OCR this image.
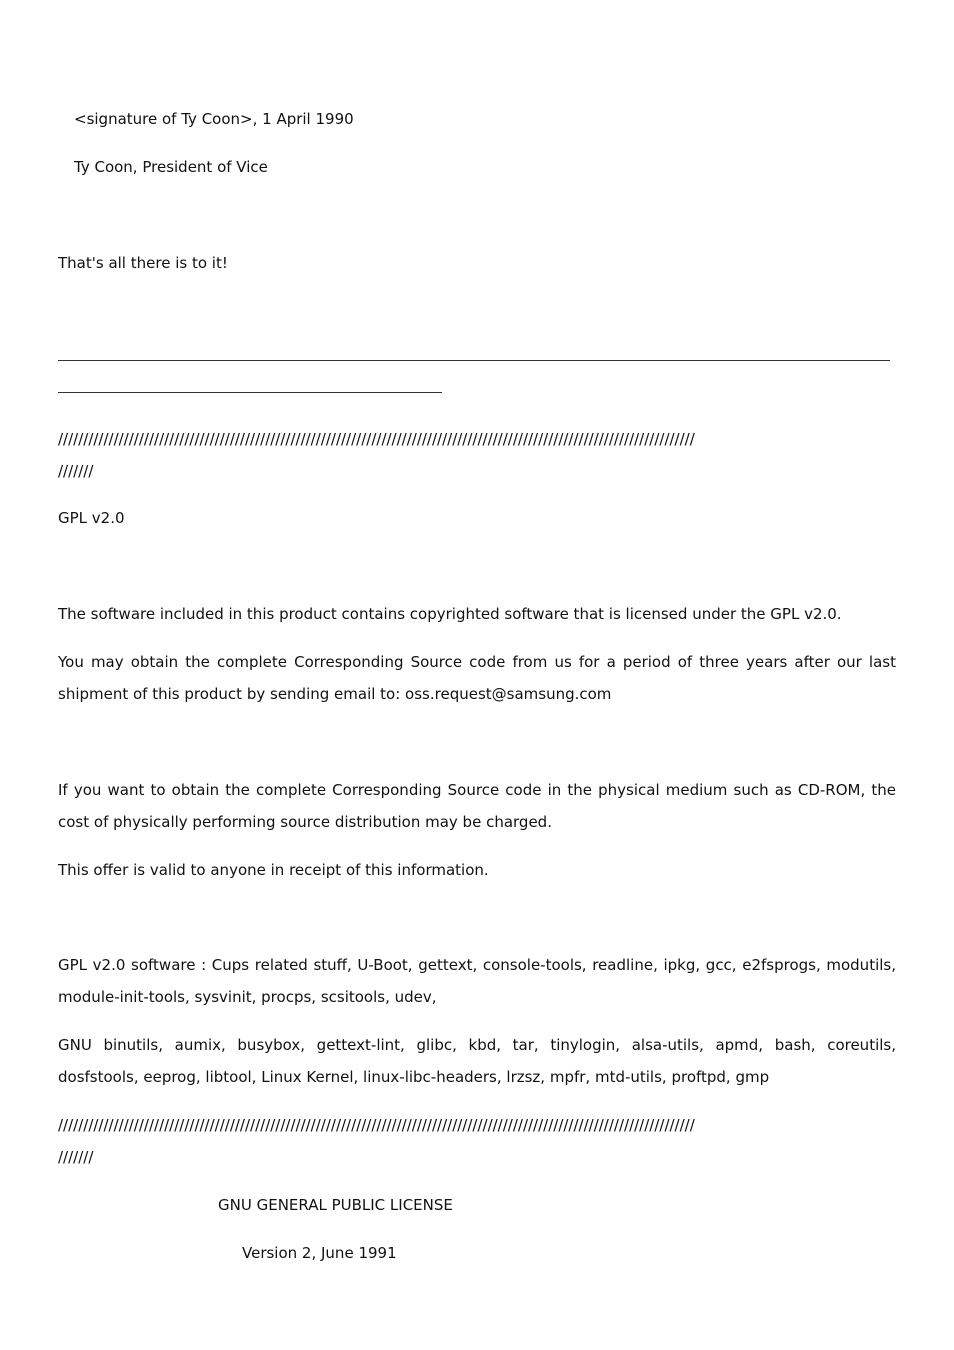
<signature of Ty Coon>, 1 April 1990
Ty Coon, President of Vice
That's all there is to it!
//////////////////////////////////////////////////////////////////////////////////////////////////////////////////////////////
///////
GPL v2.0
The software included in this product contains copyrighted software that is licensed under the GPL v2.0.
You may obtain the complete Corresponding Source code from us for a period of three years after our last shipment of this product by sending email to: oss.request@samsung.com
If you want to obtain the complete Corresponding Source code in the physical medium such as CD-ROM, the cost of physically performing source distribution may be charged.
This offer is valid to anyone in receipt of this information.
GPL v2.0 software : Cups related stuff, U-Boot, gettext, console-tools, readline, ipkg, gcc, e2fsprogs, modutils, module-init-tools, sysvinit, procps, scsitools, udev,
GNU binutils, aumix, busybox, gettext-lint, glibc, kbd, tar, tinylogin, alsa-utils, apmd, bash, coreutils, dosfstools, eeprog, libtool, Linux Kernel, linux-libc-headers, lrzsz, mpfr, mtd-utils, proftpd, gmp
//////////////////////////////////////////////////////////////////////////////////////////////////////////////////////////////
///////
GNU GENERAL PUBLIC LICENSE
Version 2, June 1991
